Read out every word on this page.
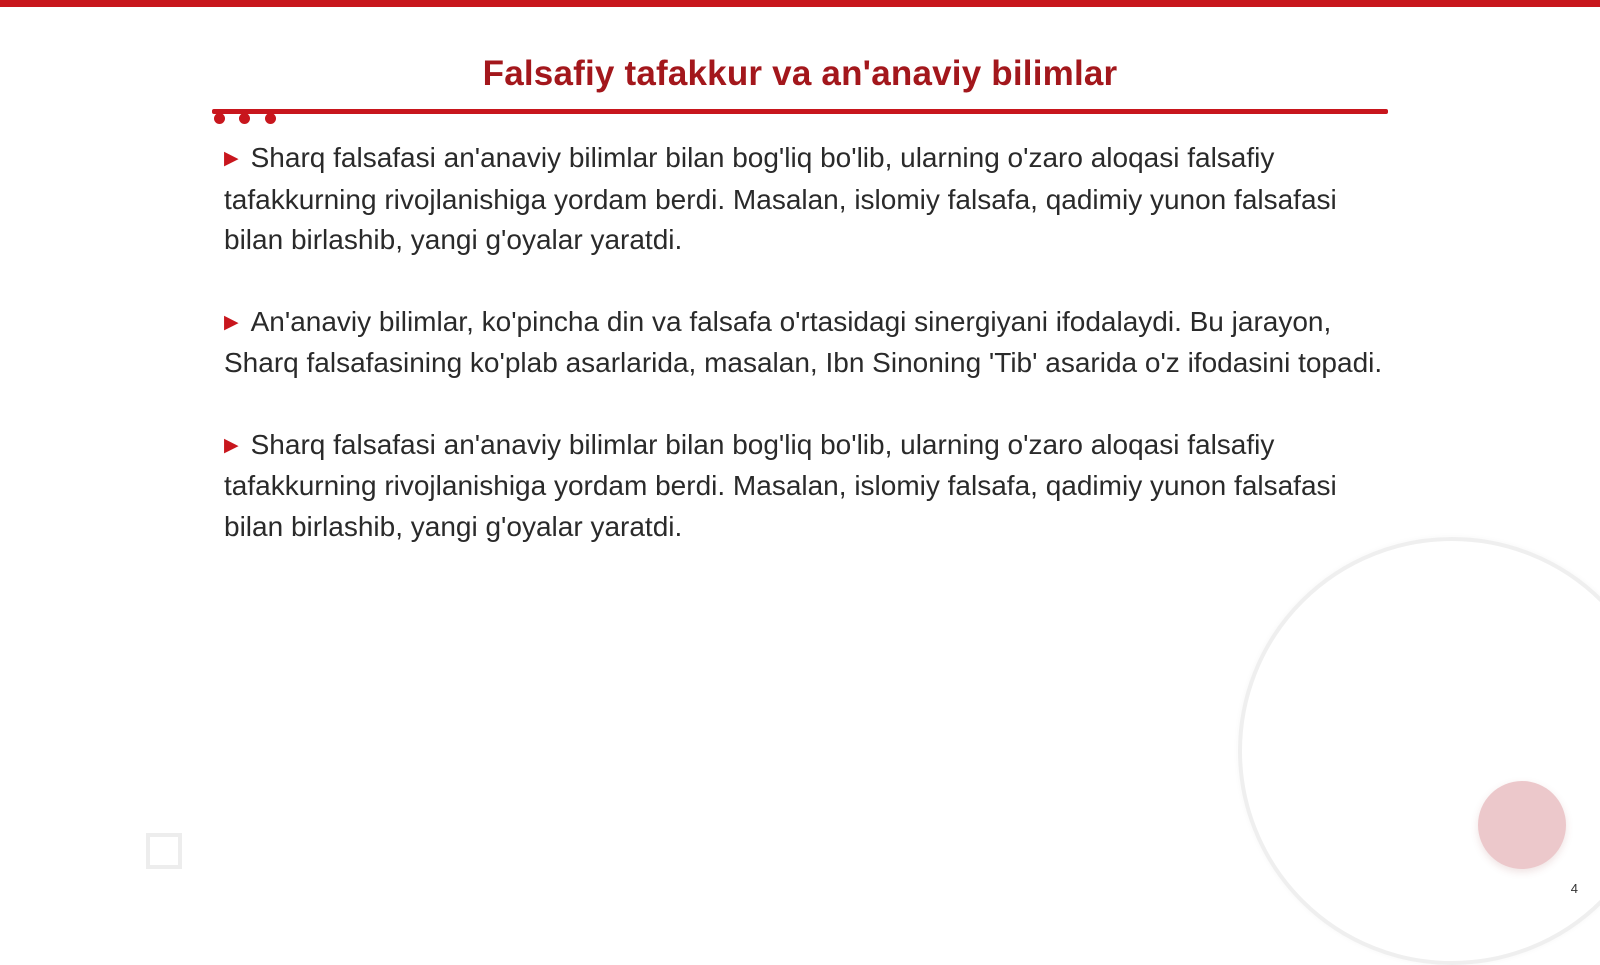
Falsafiy tafakkur va an'anaviy bilimlar

▶ Sharq falsafasi an'anaviy bilimlar bilan bog'liq bo'lib, ularning o'zaro aloqasi falsafiy tafakkurning rivojlanishiga yordam berdi. Masalan, islomiy falsafa, qadimiy yunon falsafasi bilan birlashib, yangi g'oyalar yaratdi.

▶ An'anaviy bilimlar, ko'pincha din va falsafa o'rtasidagi sinergiyani ifodalaydi. Bu jarayon, Sharq falsafasining ko'plab asarlarida, masalan, Ibn Sinoning 'Tib' asarida o'z ifodasini topadi.

▶ Sharq falsafasi an'anaviy bilimlar bilan bog'liq bo'lib, ularning o'zaro aloqasi falsafiy tafakkurning rivojlanishiga yordam berdi. Masalan, islomiy falsafa, qadimiy yunon falsafasi bilan birlashib, yangi g'oyalar yaratdi.

4
